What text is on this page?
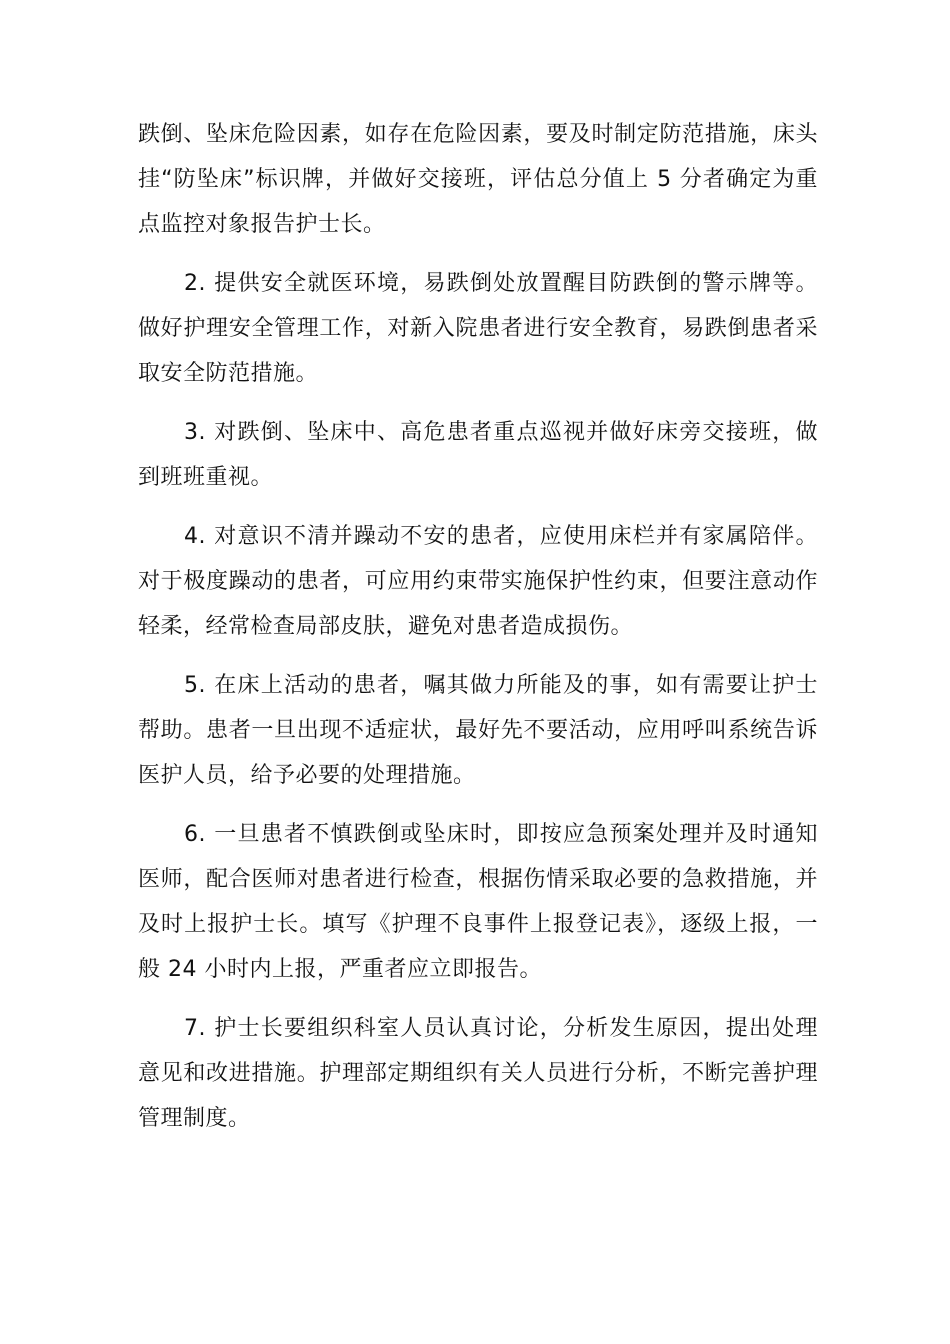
跌倒、坠床危险因素，如存在危险因素，要及时制定防范措施，床头挂“防坠床”标识牌，并做好交接班，评估总分值上 5 分者确定为重点监控对象报告护士长。

2. 提供安全就医环境，易跌倒处放置醒目防跌倒的警示牌等。做好护理安全管理工作，对新入院患者进行安全教育，易跌倒患者采取安全防范措施。

3. 对跌倒、坠床中、高危患者重点巡视并做好床旁交接班，做到班班重视。

4. 对意识不清并躁动不安的患者，应使用床栏并有家属陪伴。对于极度躁动的患者，可应用约束带实施保护性约束，但要注意动作轻柔，经常检查局部皮肤，避免对患者造成损伤。

5. 在床上活动的患者，嘱其做力所能及的事，如有需要让护士帮助。患者一旦出现不适症状，最好先不要活动，应用呼叫系统告诉医护人员，给予必要的处理措施。

6. 一旦患者不慎跌倒或坠床时，即按应急预案处理并及时通知医师，配合医师对患者进行检查，根据伤情采取必要的急救措施，并及时上报护士长。填写《护理不良事件上报登记表》，逐级上报，一般 24 小时内上报，严重者应立即报告。

7. 护士长要组织科室人员认真讨论，分析发生原因，提出处理意见和改进措施。护理部定期组织有关人员进行分析，不断完善护理管理制度。
